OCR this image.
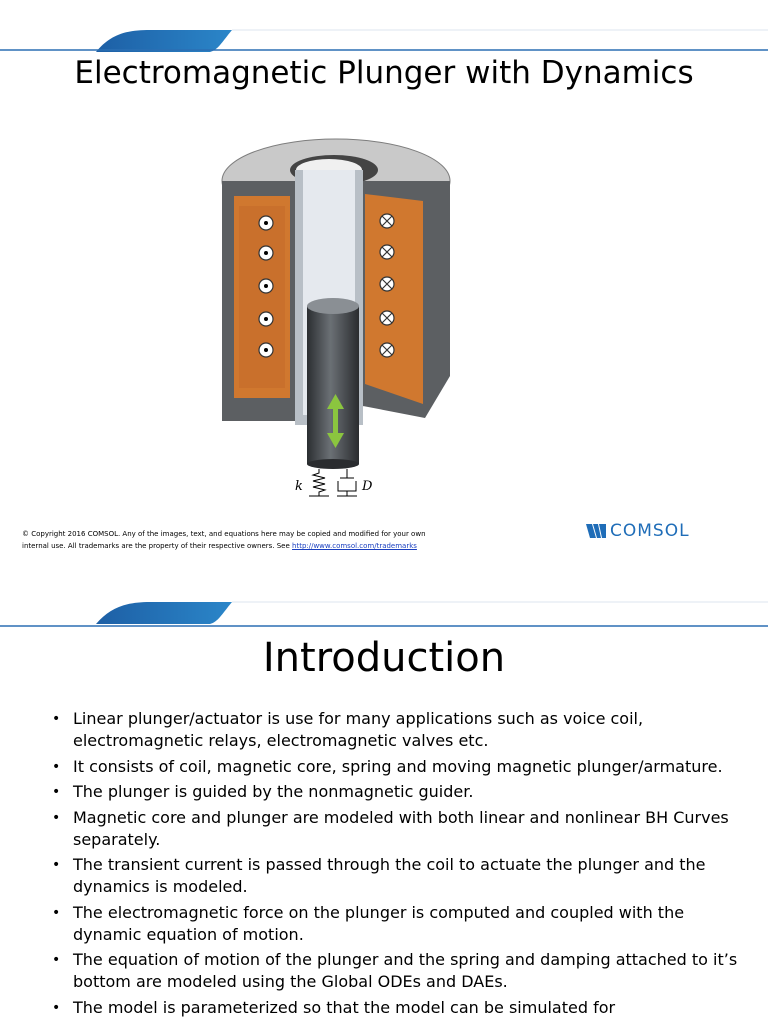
Electromagnetic Plunger with Dynamics
k	D
© Copyright 2016 COMSOL. Any of the images, text, and equations here may be copied and modified for your own
internal use. All trademarks are the property of their respective owners. See http://www.comsol.com/trademarks
COMSOL
Introduction
• Linear plunger/actuator is use for many applications such as voice coil, electromagnetic relays, electromagnetic valves etc.
• It consists of coil, magnetic core, spring and moving magnetic plunger/armature.
• The plunger is guided by the nonmagnetic guider.
• Magnetic core and plunger are modeled with both linear and nonlinear BH Curves separately.
• The transient current is passed through the coil to actuate the plunger and the dynamics is modeled.
• The electromagnetic force on the plunger is computed and coupled with the dynamic equation of motion.
• The equation of motion of the plunger and the spring and damping attached to it’s bottom are modeled using the Global ODEs and DAEs.
• The model is parameterized so that the model can be simulated for
